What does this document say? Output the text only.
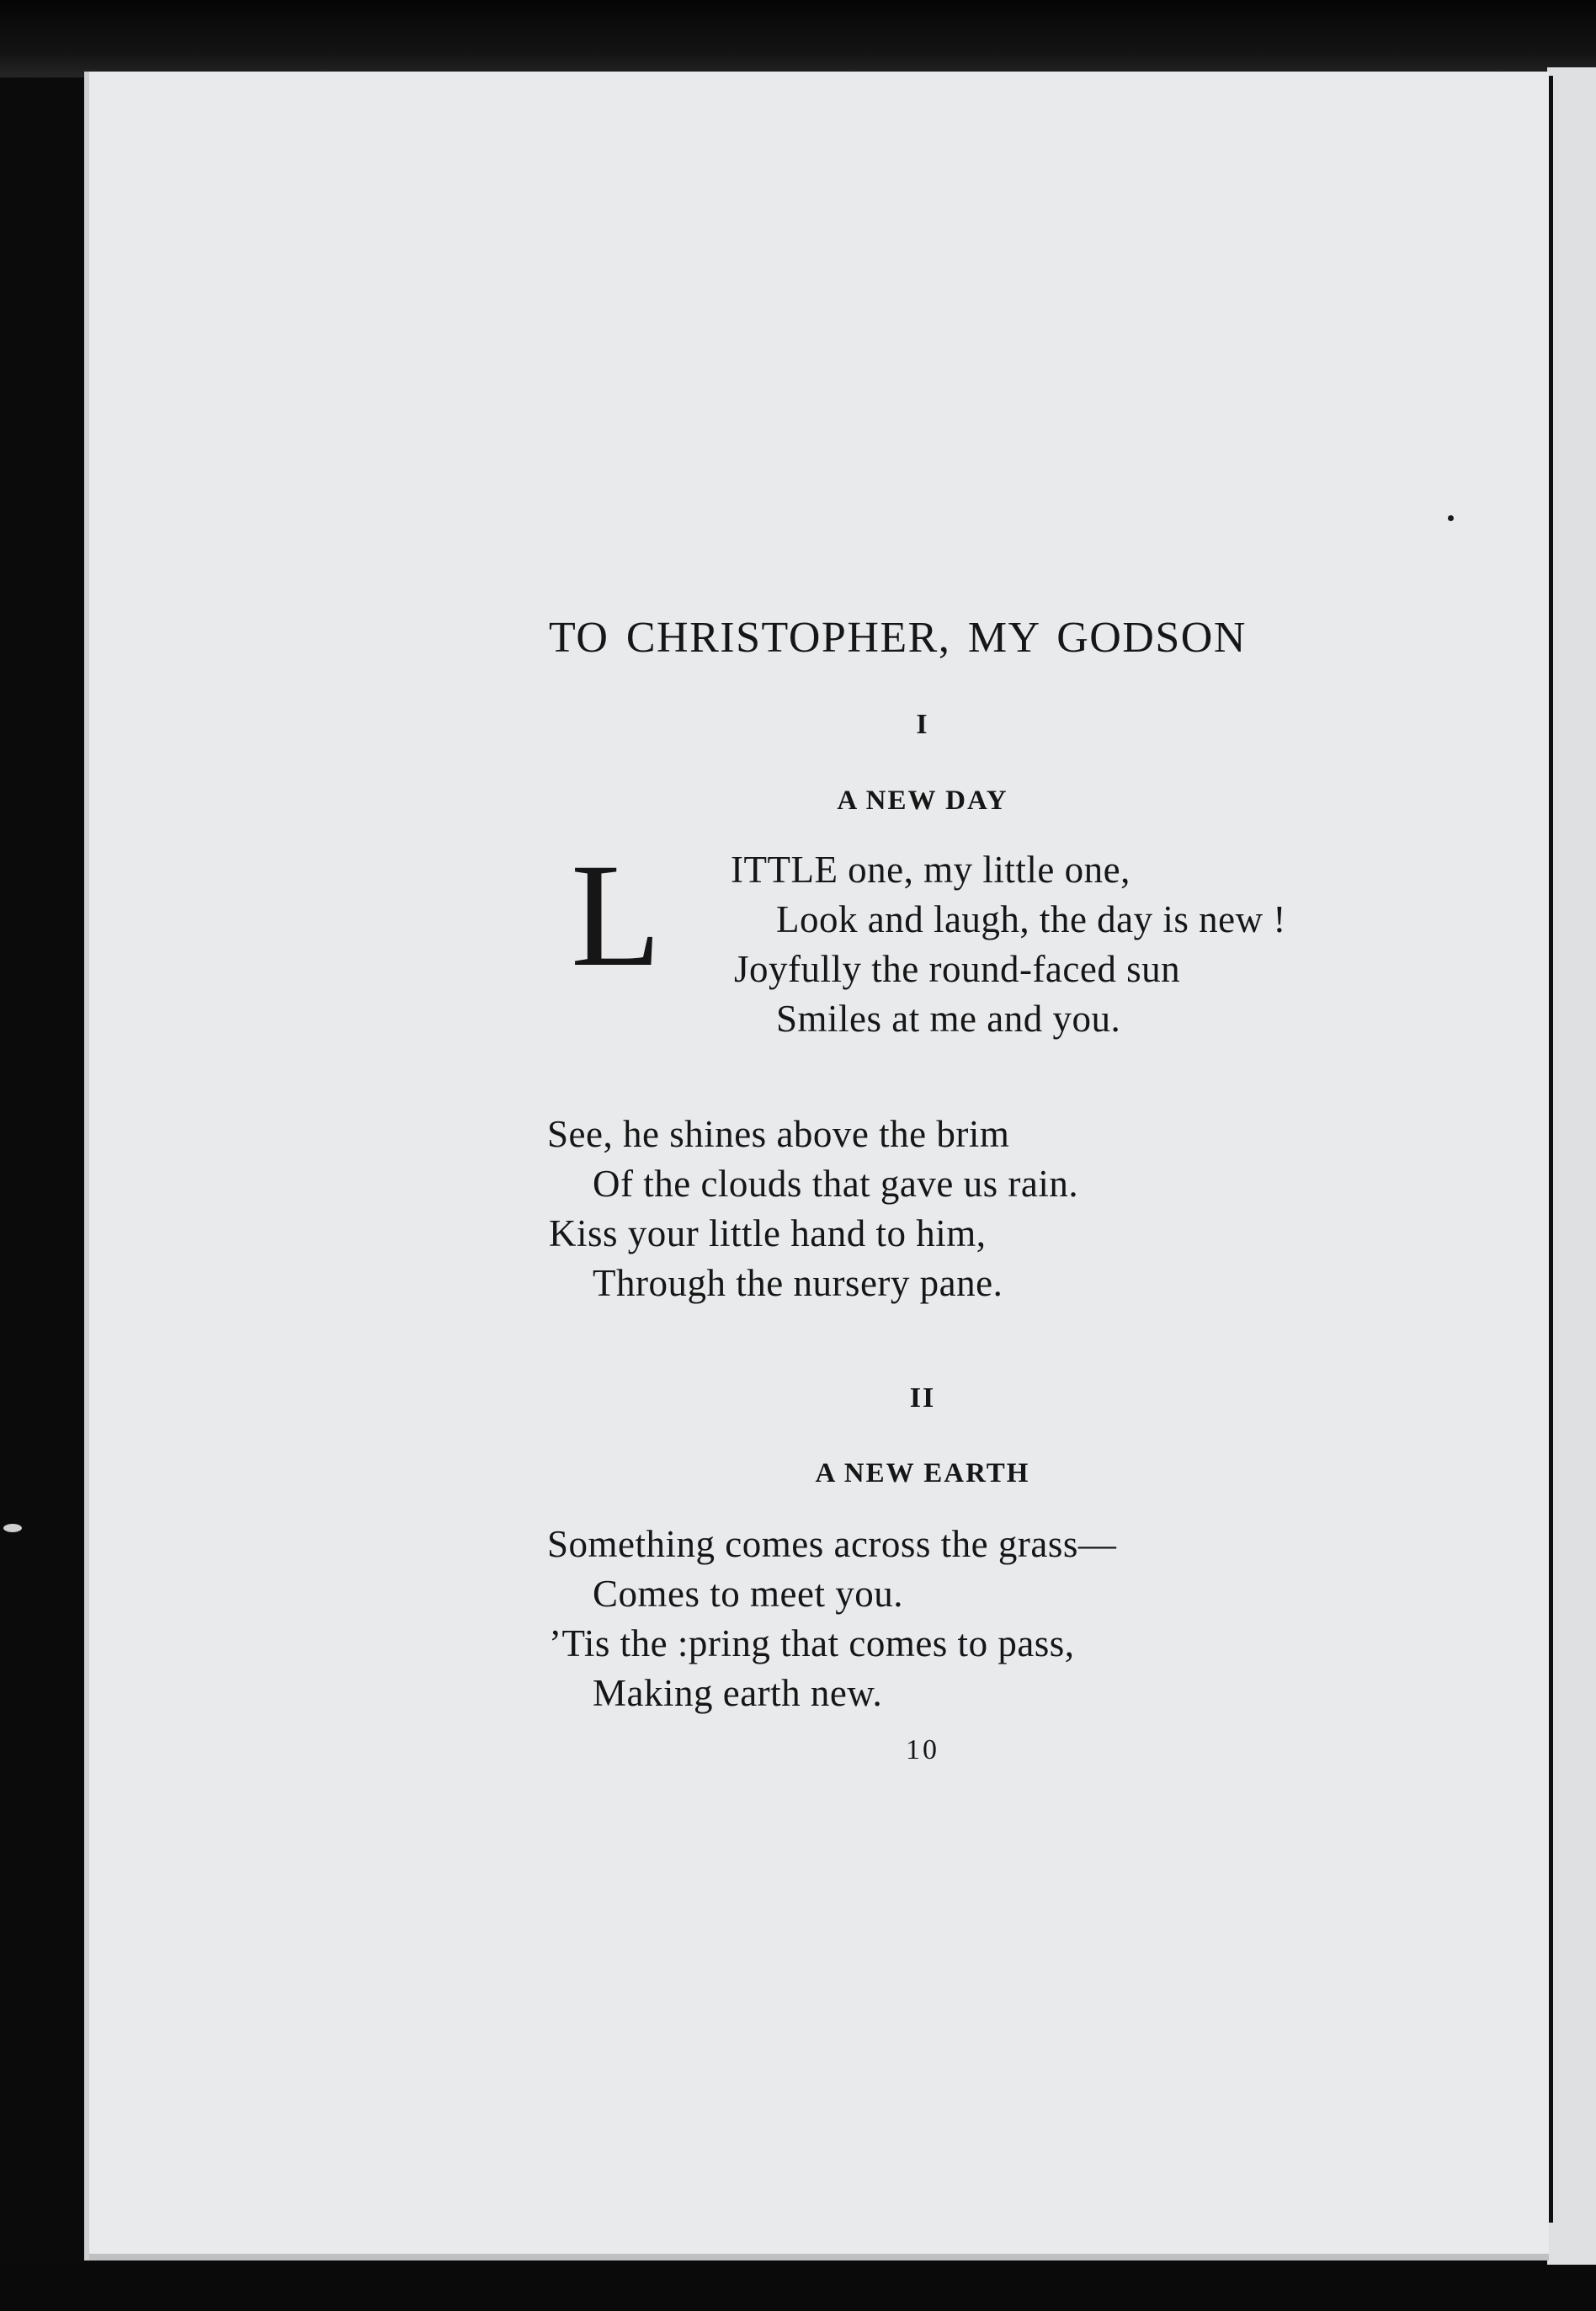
TO CHRISTOPHER, MY GODSON
I
A NEW DAY
L ITTLE one, my little one,
Look and laugh, the day is new !
Joyfully the round-faced sun
Smiles at me and you.
See, he shines above the brim
Of the clouds that gave us rain.
Kiss your little hand to him,
Through the nursery pane.
II
A NEW EARTH
Something comes across the grass—
Comes to meet you.
’Tis the :pring that comes to pass,
Making earth new.
10
